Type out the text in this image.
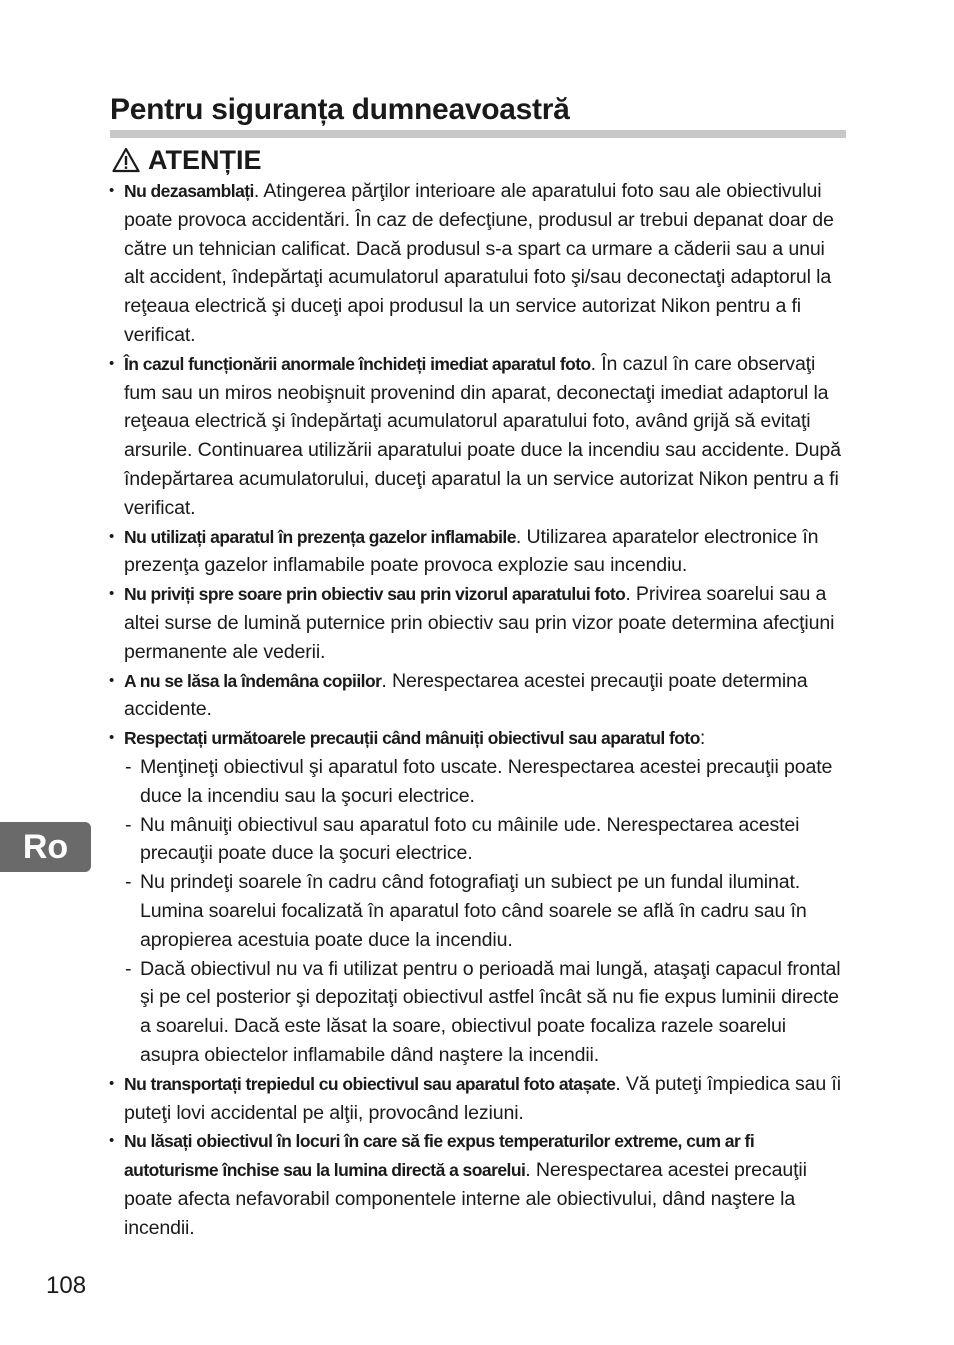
Pentru siguranța dumneavoastră
ATENȚIE
• Nu dezasamblați. Atingerea părţilor interioare ale aparatului foto sau ale obiectivului poate provoca accidentări. În caz de defecţiune, produsul ar trebui depanat doar de către un tehnician calificat. Dacă produsul s-a spart ca urmare a căderii sau a unui alt accident, îndepărtaţi acumulatorul aparatului foto şi/sau deconectaţi adaptorul la reţeaua electrică şi duceţi apoi produsul la un service autorizat Nikon pentru a fi verificat.
• În cazul funcționării anormale închideți imediat aparatul foto. În cazul în care observaţi fum sau un miros neobişnuit provenind din aparat, deconectaţi imediat adaptorul la reţeaua electrică şi îndepărtaţi acumulatorul aparatului foto, având grijă să evitaţi arsurile. Continuarea utilizării aparatului poate duce la incendiu sau accidente. După îndepărtarea acumulatorului, duceţi aparatul la un service autorizat Nikon pentru a fi verificat.
• Nu utilizați aparatul în prezența gazelor inflamabile. Utilizarea aparatelor electronice în prezenţa gazelor inflamabile poate provoca explozie sau incendiu.
• Nu priviți spre soare prin obiectiv sau prin vizorul aparatului foto. Privirea soarelui sau a altei surse de lumină puternice prin obiectiv sau prin vizor poate determina afecţiuni permanente ale vederii.
• A nu se lăsa la îndemâna copiilor. Nerespectarea acestei precauţii poate determina accidente.
• Respectați următoarele precauții când mânuiți obiectivul sau aparatul foto:
- Menţineţi obiectivul şi aparatul foto uscate. Nerespectarea acestei precauţii poate duce la incendiu sau la şocuri electrice.
- Nu mânuiţi obiectivul sau aparatul foto cu mâinile ude. Nerespectarea acestei precauţii poate duce la şocuri electrice.
- Nu prindeţi soarele în cadru când fotografiaţi un subiect pe un fundal iluminat. Lumina soarelui focalizată în aparatul foto când soarele se află în cadru sau în apropierea acestuia poate duce la incendiu.
- Dacă obiectivul nu va fi utilizat pentru o perioadă mai lungă, ataşaţi capacul frontal şi pe cel posterior şi depozitaţi obiectivul astfel încât să nu fie expus luminii directe a soarelui. Dacă este lăsat la soare, obiectivul poate focaliza razele soarelui asupra obiectelor inflamabile dând naştere la incendii.
• Nu transportați trepiedul cu obiectivul sau aparatul foto atașate. Vă puteţi împiedica sau îi puteţi lovi accidental pe alţii, provocând leziuni.
• Nu lăsați obiectivul în locuri în care să fie expus temperaturilor extreme, cum ar fi autoturisme închise sau la lumina directă a soarelui. Nerespectarea acestei precauţii poate afecta nefavorabil componentele interne ale obiectivului, dând naştere la incendii.
Ro
108
